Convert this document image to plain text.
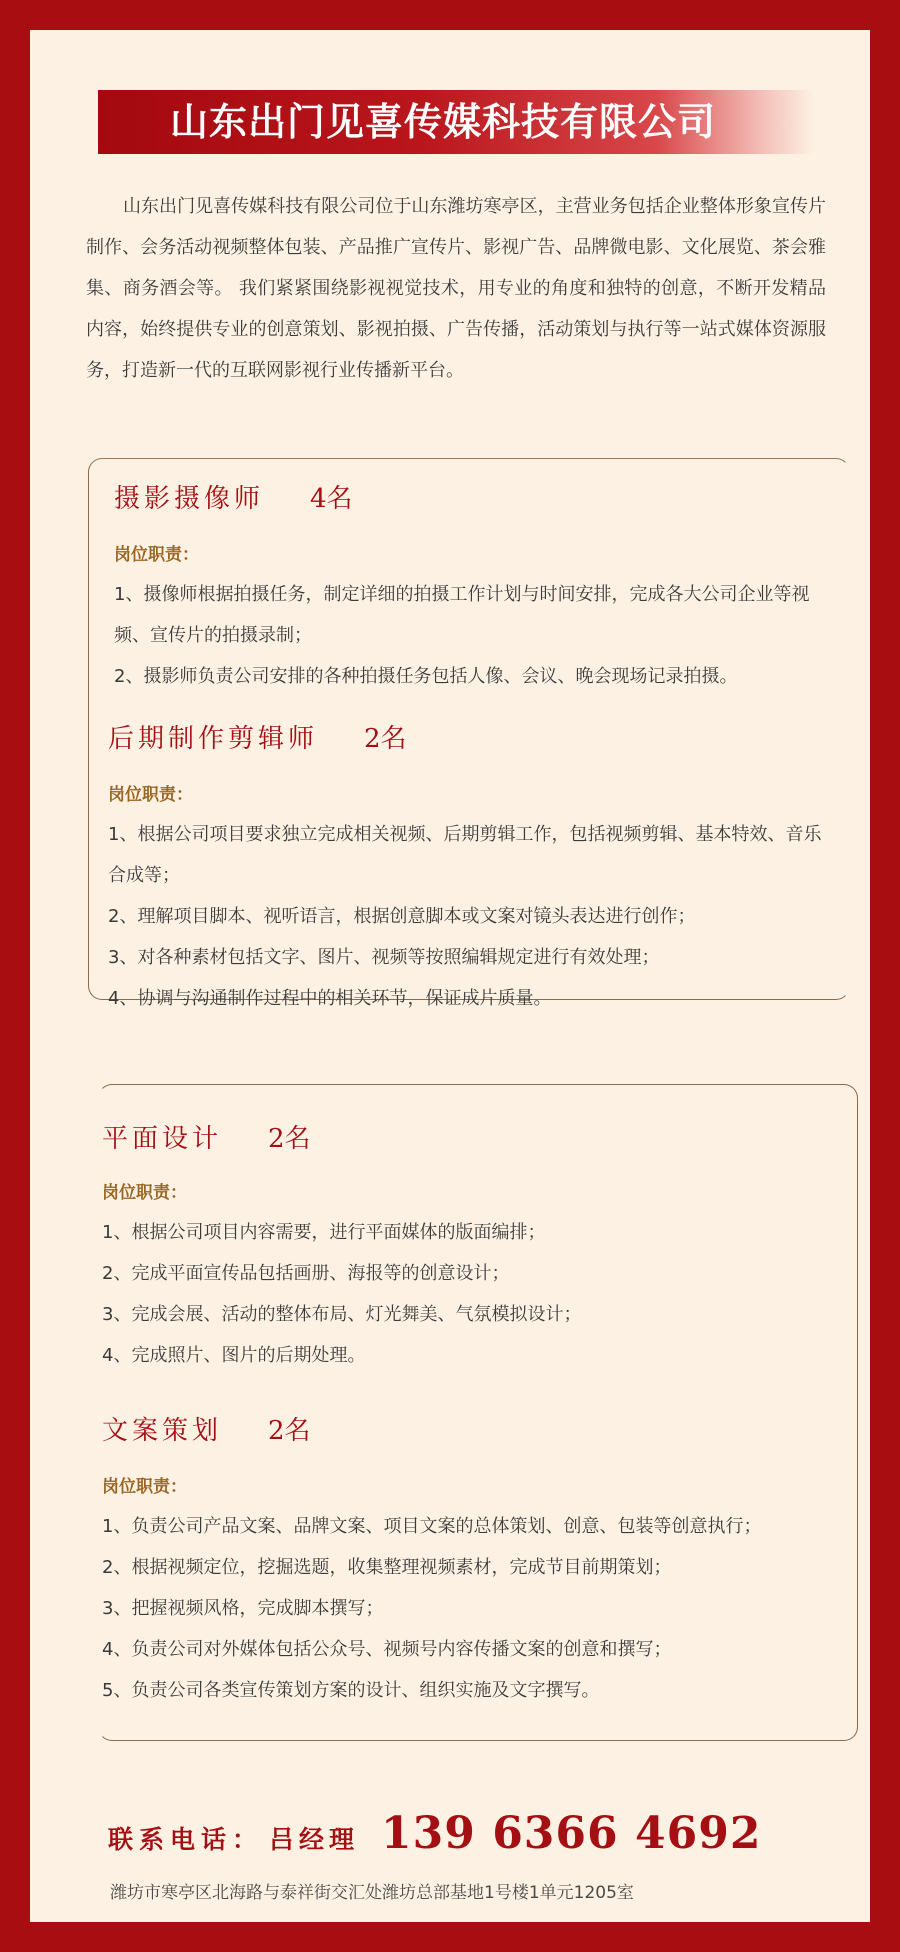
山东出门见喜传媒科技有限公司

山东出门见喜传媒科技有限公司位于山东潍坊寒亭区，主营业务包括企业整体形象宣传片制作、会务活动视频整体包装、产品推广宣传片、影视广告、品牌微电影、文化展览、茶会雅集、商务酒会等。 我们紧紧围绕影视视觉技术，用专业的角度和独特的创意，不断开发精品内容，始终提供专业的创意策划、影视拍摄、广告传播，活动策划与执行等一站式媒体资源服务，打造新一代的互联网影视行业传播新平台。

摄影摄像师 4名
岗位职责：

1、摄像师根据拍摄任务，制定详细的拍摄工作计划与时间安排，完成各大公司企业等视频、宣传片的拍摄录制；

2、摄影师负责公司安排的各种拍摄任务包括人像、会议、晚会现场记录拍摄。

后期制作剪辑师 2名
岗位职责：

1、根据公司项目要求独立完成相关视频、后期剪辑工作，包括视频剪辑、基本特效、音乐合成等；

2、理解项目脚本、视听语言，根据创意脚本或文案对镜头表达进行创作；

3、对各种素材包括文字、图片、视频等按照编辑规定进行有效处理；

4、协调与沟通制作过程中的相关环节，保证成片质量。

平面设计 2名
岗位职责：

1、根据公司项目内容需要，进行平面媒体的版面编排；

2、完成平面宣传品包括画册、海报等的创意设计；

3、完成会展、活动的整体布局、灯光舞美、气氛模拟设计；

4、完成照片、图片的后期处理。

文案策划 2名
岗位职责：

1、负责公司产品文案、品牌文案、项目文案的总体策划、创意、包装等创意执行；

2、根据视频定位，挖掘选题，收集整理视频素材，完成节目前期策划；

3、把握视频风格，完成脚本撰写；

4、负责公司对外媒体包括公众号、视频号内容传播文案的创意和撰写；

5、负责公司各类宣传策划方案的设计、组织实施及文字撰写。

联系电话： 吕经理 139 6366 4692
潍坊市寒亭区北海路与泰祥街交汇处潍坊总部基地1号楼1单元1205室
